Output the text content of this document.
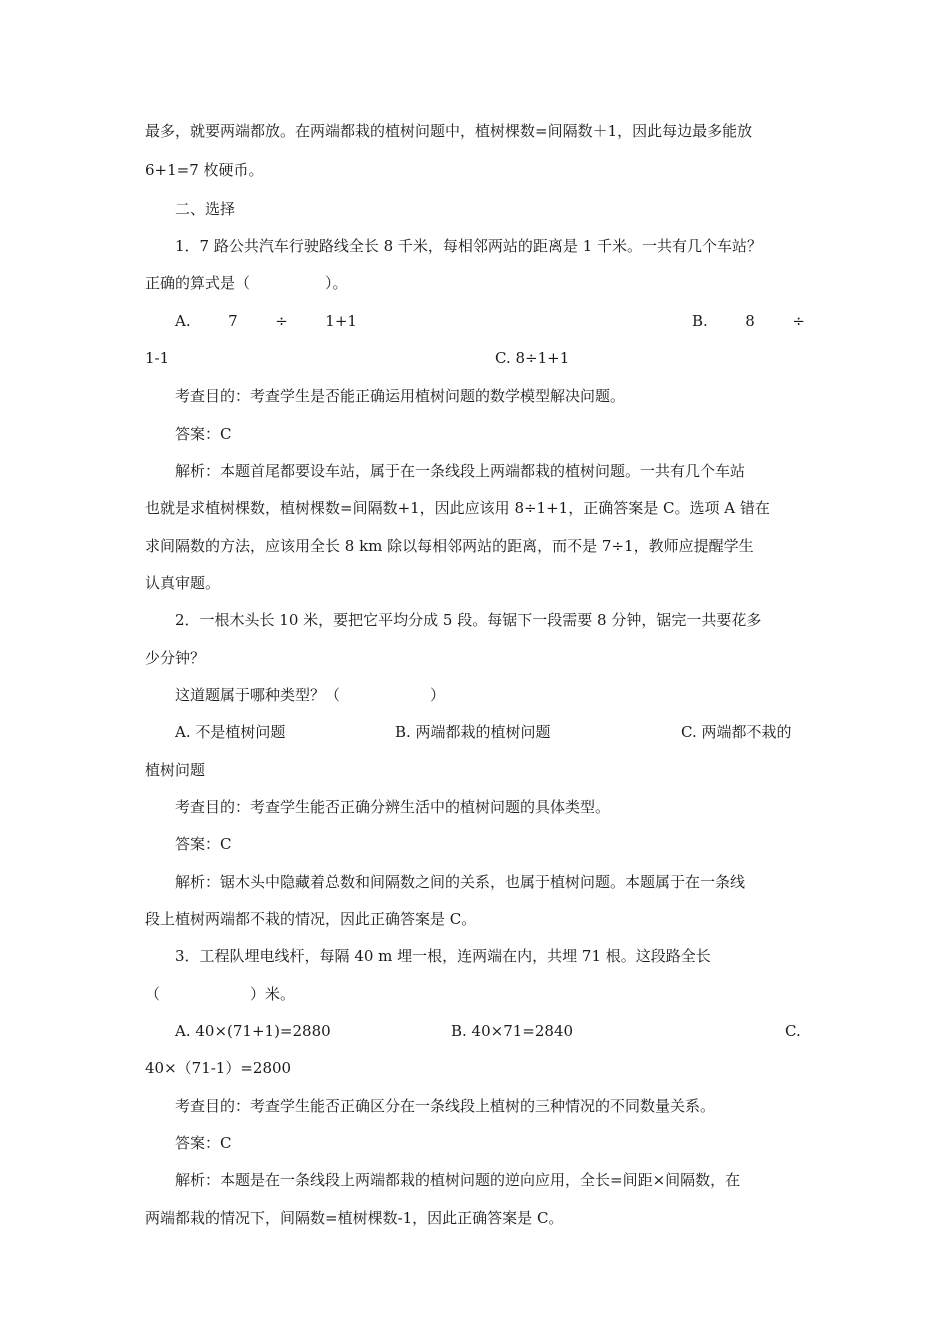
最多，就要两端都放。在两端都栽的植树问题中，植树棵数=间隔数＋1，因此每边最多能放
6+1=7 枚硬币。
二、选择
1．7 路公共汽车行驶路线全长 8 千米，每相邻两站的距离是 1 千米。一共有几个车站？
正确的算式是（　　　　　）。
A.	7	÷	1+1	B.	8	÷
1-1	C. 8÷1+1
考查目的：考查学生是否能正确运用植树问题的数学模型解决问题。
答案：C
解析：本题首尾都要设车站，属于在一条线段上两端都栽的植树问题。一共有几个车站
也就是求植树棵数，植树棵数=间隔数+1，因此应该用 8÷1+1，正确答案是 C。选项 A 错在
求间隔数的方法，应该用全长 8 km 除以每相邻两站的距离，而不是 7÷1，教师应提醒学生
认真审题。
2．一根木头长 10 米，要把它平均分成 5 段。每锯下一段需要 8 分钟，锯完一共要花多
少分钟？
这道题属于哪种类型？（　　　　　　）
A. 不是植树问题	B. 两端都栽的植树问题	C. 两端都不栽的
植树问题
考查目的：考查学生能否正确分辨生活中的植树问题的具体类型。
答案：C
解析：锯木头中隐藏着总数和间隔数之间的关系，也属于植树问题。本题属于在一条线
段上植树两端都不栽的情况，因此正确答案是 C。
3．工程队埋电线杆，每隔 40 m 埋一根，连两端在内，共埋 71 根。这段路全长
（　　　　　　）米。
A. 40×(71+1)=2880	B. 40×71=2840	C.
40×（71-1）=2800
考查目的：考查学生能否正确区分在一条线段上植树的三种情况的不同数量关系。
答案：C
解析：本题是在一条线段上两端都栽的植树问题的逆向应用，全长=间距×间隔数，在
两端都栽的情况下，间隔数=植树棵数-1，因此正确答案是 C。
